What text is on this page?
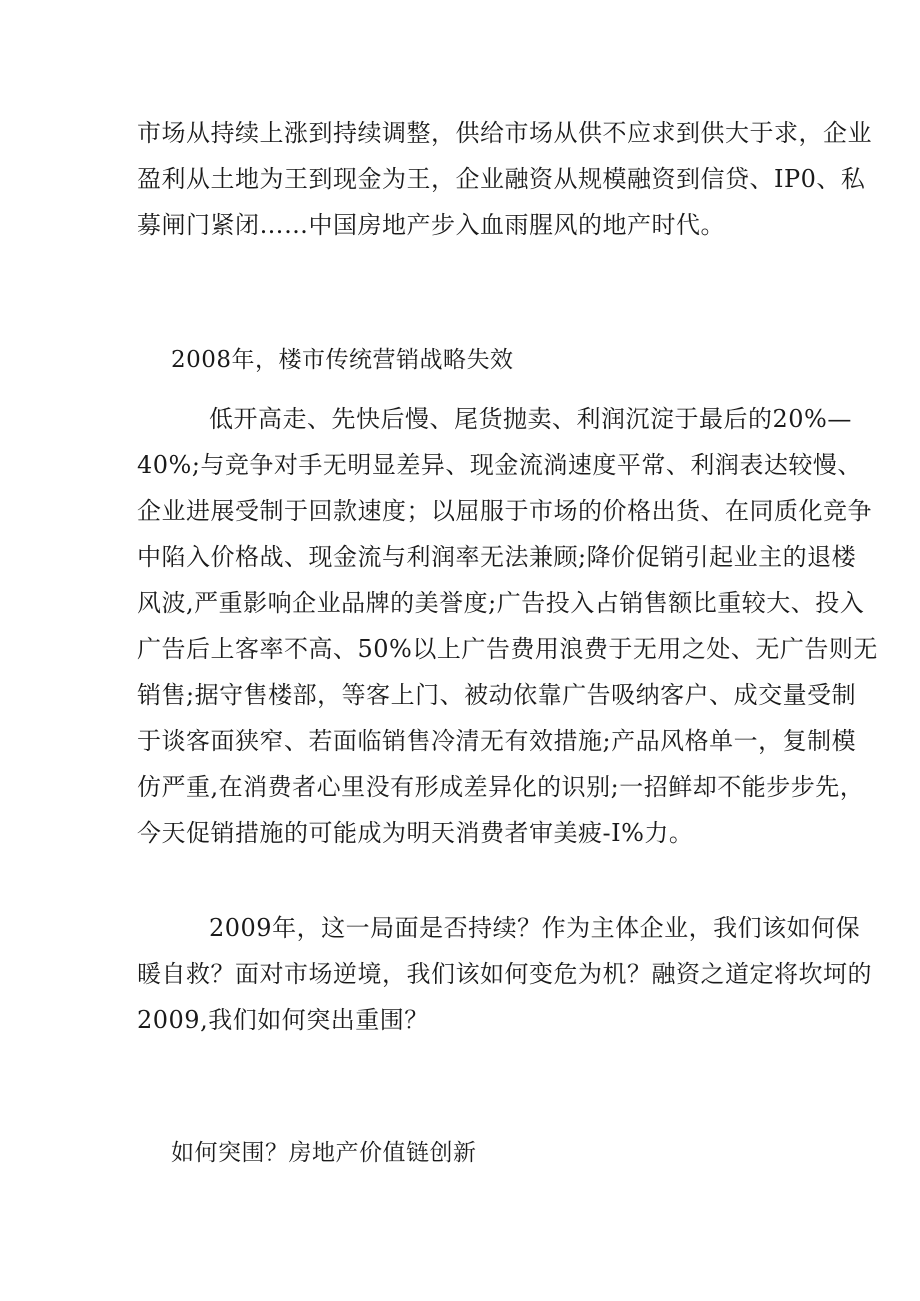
市场从持续上涨到持续调整，供给市场从供不应求到供大于求，企业
盈利从土地为王到现金为王，企业融资从规模融资到信贷、IP0、私
募闸门紧闭……中国房地产步入血雨腥风的地产时代。
2008年，楼市传统营销战略失效
低开高走、先快后慢、尾货抛卖、利润沉淀于最后的20%—
40%;与竞争对手无明显差异、现金流淌速度平常、利润表达较慢、
企业进展受制于回款速度；以屈服于市场的价格出货、在同质化竞争
中陷入价格战、现金流与利润率无法兼顾;降价促销引起业主的退楼
风波,严重影响企业品牌的美誉度;广告投入占销售额比重较大、投入
广告后上客率不高、50%以上广告费用浪费于无用之处、无广告则无
销售;据守售楼部，等客上门、被动依靠广告吸纳客户、成交量受制
于谈客面狭窄、若面临销售冷清无有效措施;产品风格单一，复制模
仿严重,在消费者心里没有形成差异化的识别;一招鲜却不能步步先，
今天促销措施的可能成为明天消费者审美疲-I%力。
2009年，这一局面是否持续？作为主体企业，我们该如何保
暖自救？面对市场逆境，我们该如何变危为机？融资之道定将坎坷的
2009,我们如何突出重围？
如何突围？房地产价值链创新
